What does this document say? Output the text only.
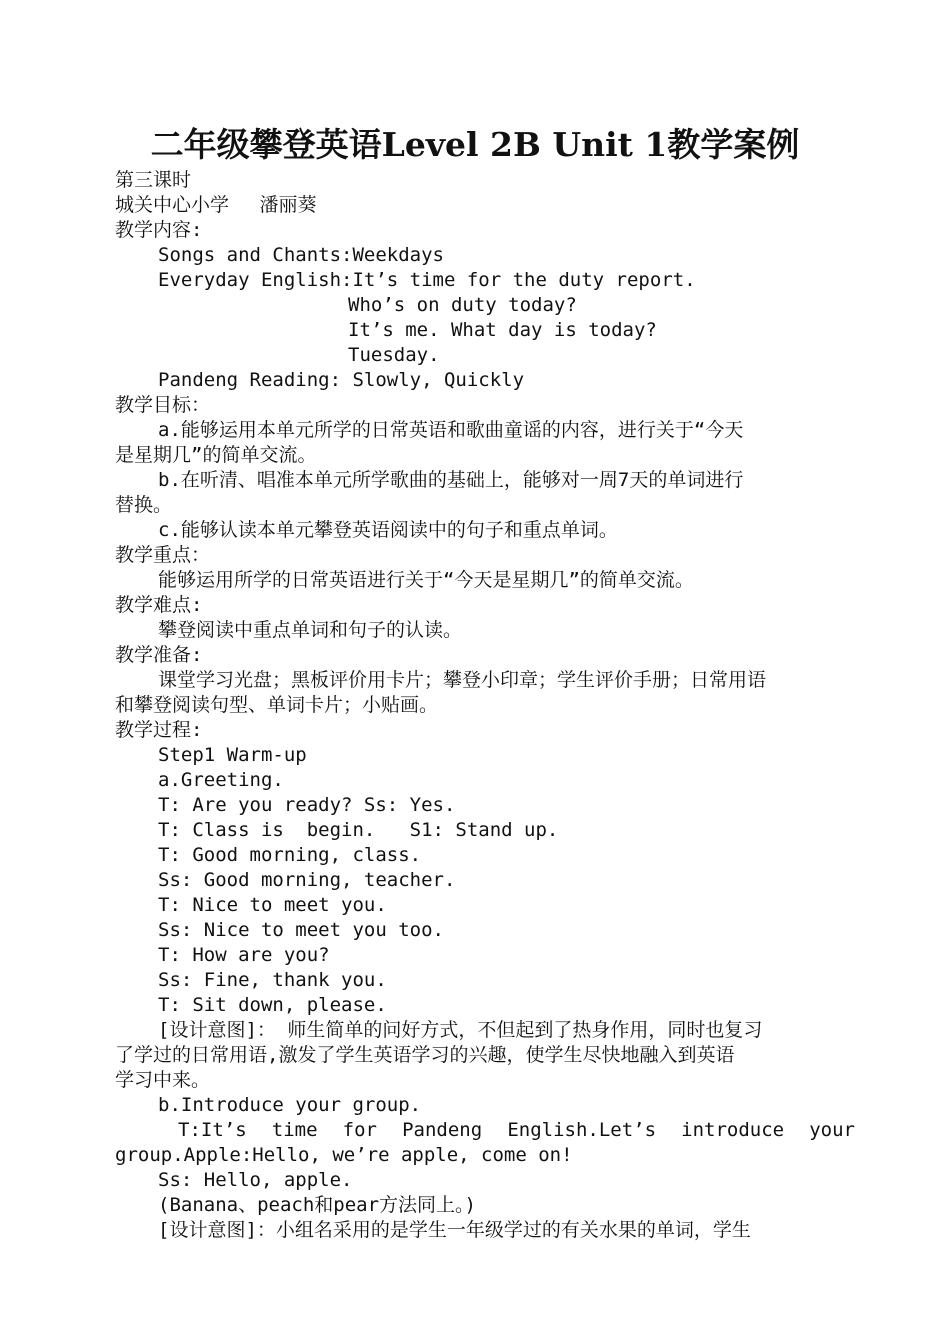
二年级攀登英语Level 2B Unit 1教学案例

第三课时

城关中心小学　 潘丽葵

教学内容:

Songs and Chants:Weekdays

Everyday English:It’s time for the duty report.

Who’s on duty today?

It’s me. What day is today?

Tuesday.

Pandeng Reading: Slowly, Quickly

教学目标：

a.能够运用本单元所学的日常英语和歌曲童谣的内容，进行关于“今天

是星期几”的简单交流。

b.在听清、唱准本单元所学歌曲的基础上，能够对一周7天的单词进行

替换。

c.能够认读本单元攀登英语阅读中的句子和重点单词。

教学重点：

能够运用所学的日常英语进行关于“今天是星期几”的简单交流。

教学难点:

攀登阅读中重点单词和句子的认读。

教学准备:

课堂学习光盘；黑板评价用卡片；攀登小印章；学生评价手册；日常用语

和攀登阅读句型、单词卡片；小贴画。

教学过程:

Step1 Warm-up

a.Greeting.

T: Are you ready? Ss: Yes.

T: Class is  begin.   S1: Stand up.

T: Good morning, class.

Ss: Good morning, teacher.

T: Nice to meet you.

Ss: Nice to meet you too.

T: How are you?

Ss: Fine, thank you.

T: Sit down, please.

[设计意图]： 师生简单的问好方式，不但起到了热身作用，同时也复习

了学过的日常用语,激发了学生英语学习的兴趣，使学生尽快地融入到英语

学习中来。

b.Introduce your group.

T:It’s time for Pandeng English.Let’s introduce your

group.Apple:Hello, we’re apple, come on!

Ss: Hello, apple.

(Banana、peach和pear方法同上。)

[设计意图]：小组名采用的是学生一年级学过的有关水果的单词，学生
